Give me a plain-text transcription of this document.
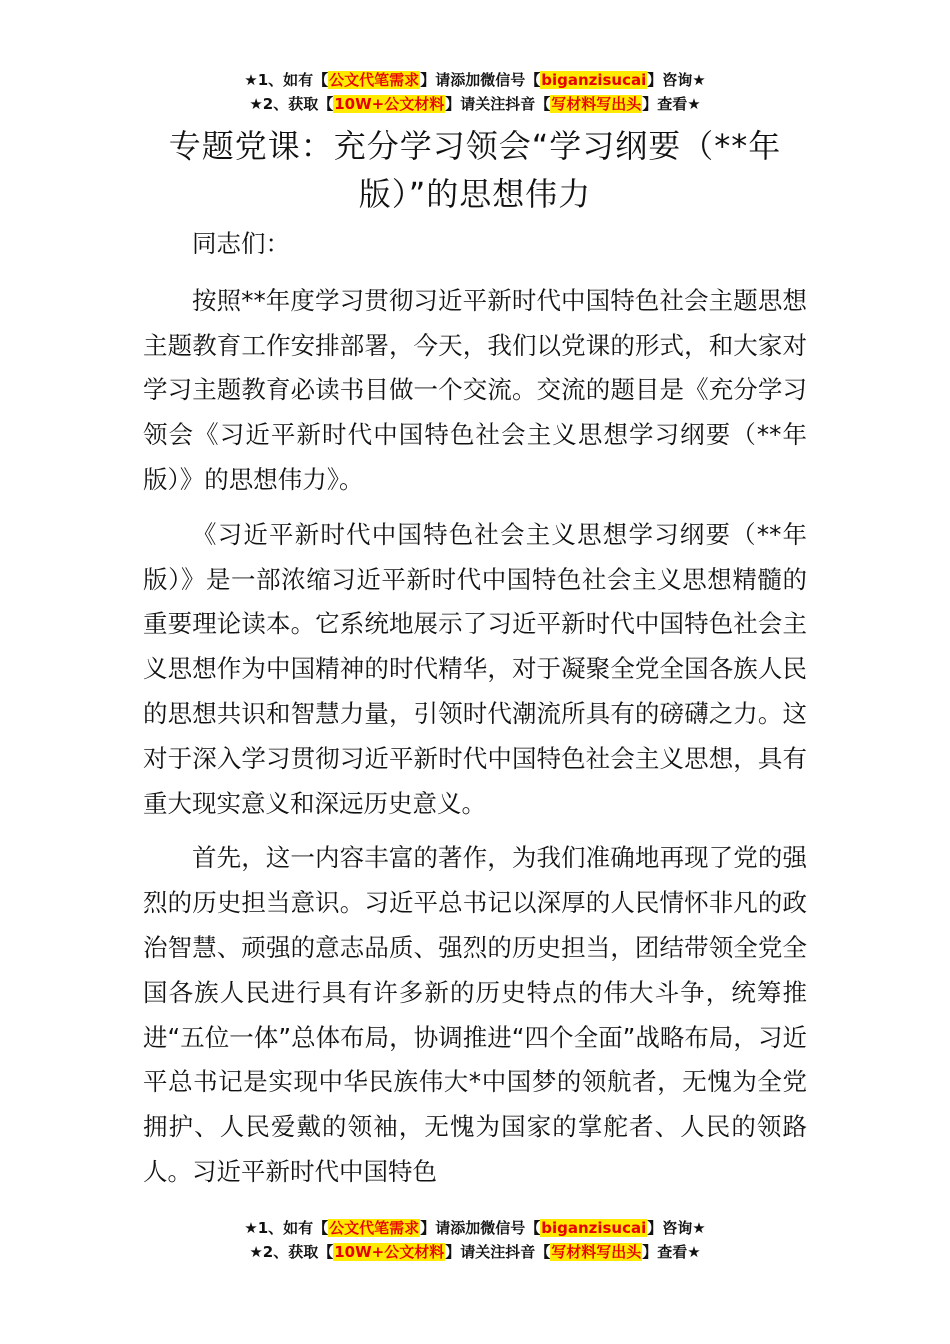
★1、如有【公文代笔需求】请添加微信号【biganzisucai】咨询★
★2、获取【10W+公文材料】请关注抖音【写材料写出头】查看★
专题党课：充分学习领会“学习纲要（**年版）”的思想伟力

同志们：

按照**年度学习贯彻习近平新时代中国特色社会主题思想主题教育工作安排部署，今天，我们以党课的形式，和大家对学习主题教育必读书目做一个交流。交流的题目是《充分学习领会《习近平新时代中国特色社会主义思想学习纲要（**年版）》的思想伟力》。

《习近平新时代中国特色社会主义思想学习纲要（**年版）》是一部浓缩习近平新时代中国特色社会主义思想精髓的重要理论读本。它系统地展示了习近平新时代中国特色社会主义思想作为中国精神的时代精华，对于凝聚全党全国各族人民的思想共识和智慧力量，引领时代潮流所具有的磅礴之力。这对于深入学习贯彻习近平新时代中国特色社会主义思想，具有重大现实意义和深远历史意义。

首先，这一内容丰富的著作，为我们准确地再现了党的强烈的历史担当意识。习近平总书记以深厚的人民情怀非凡的政治智慧、顽强的意志品质、强烈的历史担当，团结带领全党全国各族人民进行具有许多新的历史特点的伟大斗争，统筹推进“五位一体”总体布局，协调推进“四个全面”战略布局，习近平总书记是实现中华民族伟大*中国梦的领航者，无愧为全党拥护、人民爱戴的领袖，无愧为国家的掌舵者、人民的领路人。习近平新时代中国特色

★1、如有【公文代笔需求】请添加微信号【biganzisucai】咨询★
★2、获取【10W+公文材料】请关注抖音【写材料写出头】查看★
